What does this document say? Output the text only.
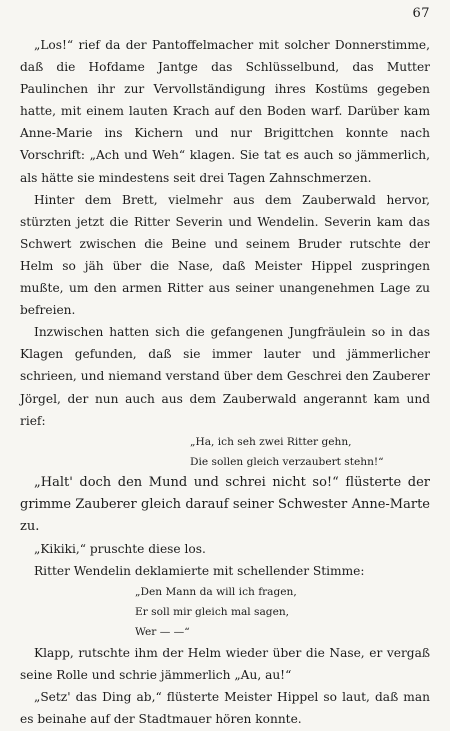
67

„Los!“ rief da der Pantoffelmacher mit solcher Donnerstimme, daß die Hofdame Jantge das Schlüsselbund, das Mutter Paulinchen ihr zur Vervollständigung ihres Kostüms gegeben hatte, mit einem lauten Krach auf den Boden warf. Darüber kam Anne-Marie ins Kichern und nur Brigittchen konnte nach Vorschrift: „Ach und Weh“ klagen. Sie tat es auch so jämmerlich, als hätte sie mindestens seit drei Tagen Zahnschmerzen.

Hinter dem Brett, vielmehr aus dem Zauberwald hervor, stürzten jetzt die Ritter Severin und Wendelin. Severin kam das Schwert zwischen die Beine und seinem Bruder rutschte der Helm so jäh über die Nase, daß Meister Hippel zuspringen mußte, um den armen Ritter aus seiner unangenehmen Lage zu befreien.

Inzwischen hatten sich die gefangenen Jungfräulein so in das Klagen gefunden, daß sie immer lauter und jämmerlicher schrieen, und niemand verstand über dem Geschrei den Zauberer Jörgel, der nun auch aus dem Zauberwald angerannt kam und rief:

„Ha, ich seh zwei Ritter gehn,
Die sollen gleich verzaubert stehn!“

„Halt' doch den Mund und schrei nicht so!“ flüsterte der grimme Zauberer gleich darauf seiner Schwester Anne-Marte zu.

„Kikiki,“ pruschte diese los.

Ritter Wendelin deklamierte mit schellender Stimme:

„Den Mann da will ich fragen,
Er soll mir gleich mal sagen,
Wer — —“

Klapp, rutschte ihm der Helm wieder über die Nase, er vergaß seine Rolle und schrie jämmerlich „Au, au!“

„Setz' das Ding ab,“ flüsterte Meister Hippel so laut, daß man es beinahe auf der Stadtmauer hören konnte.
